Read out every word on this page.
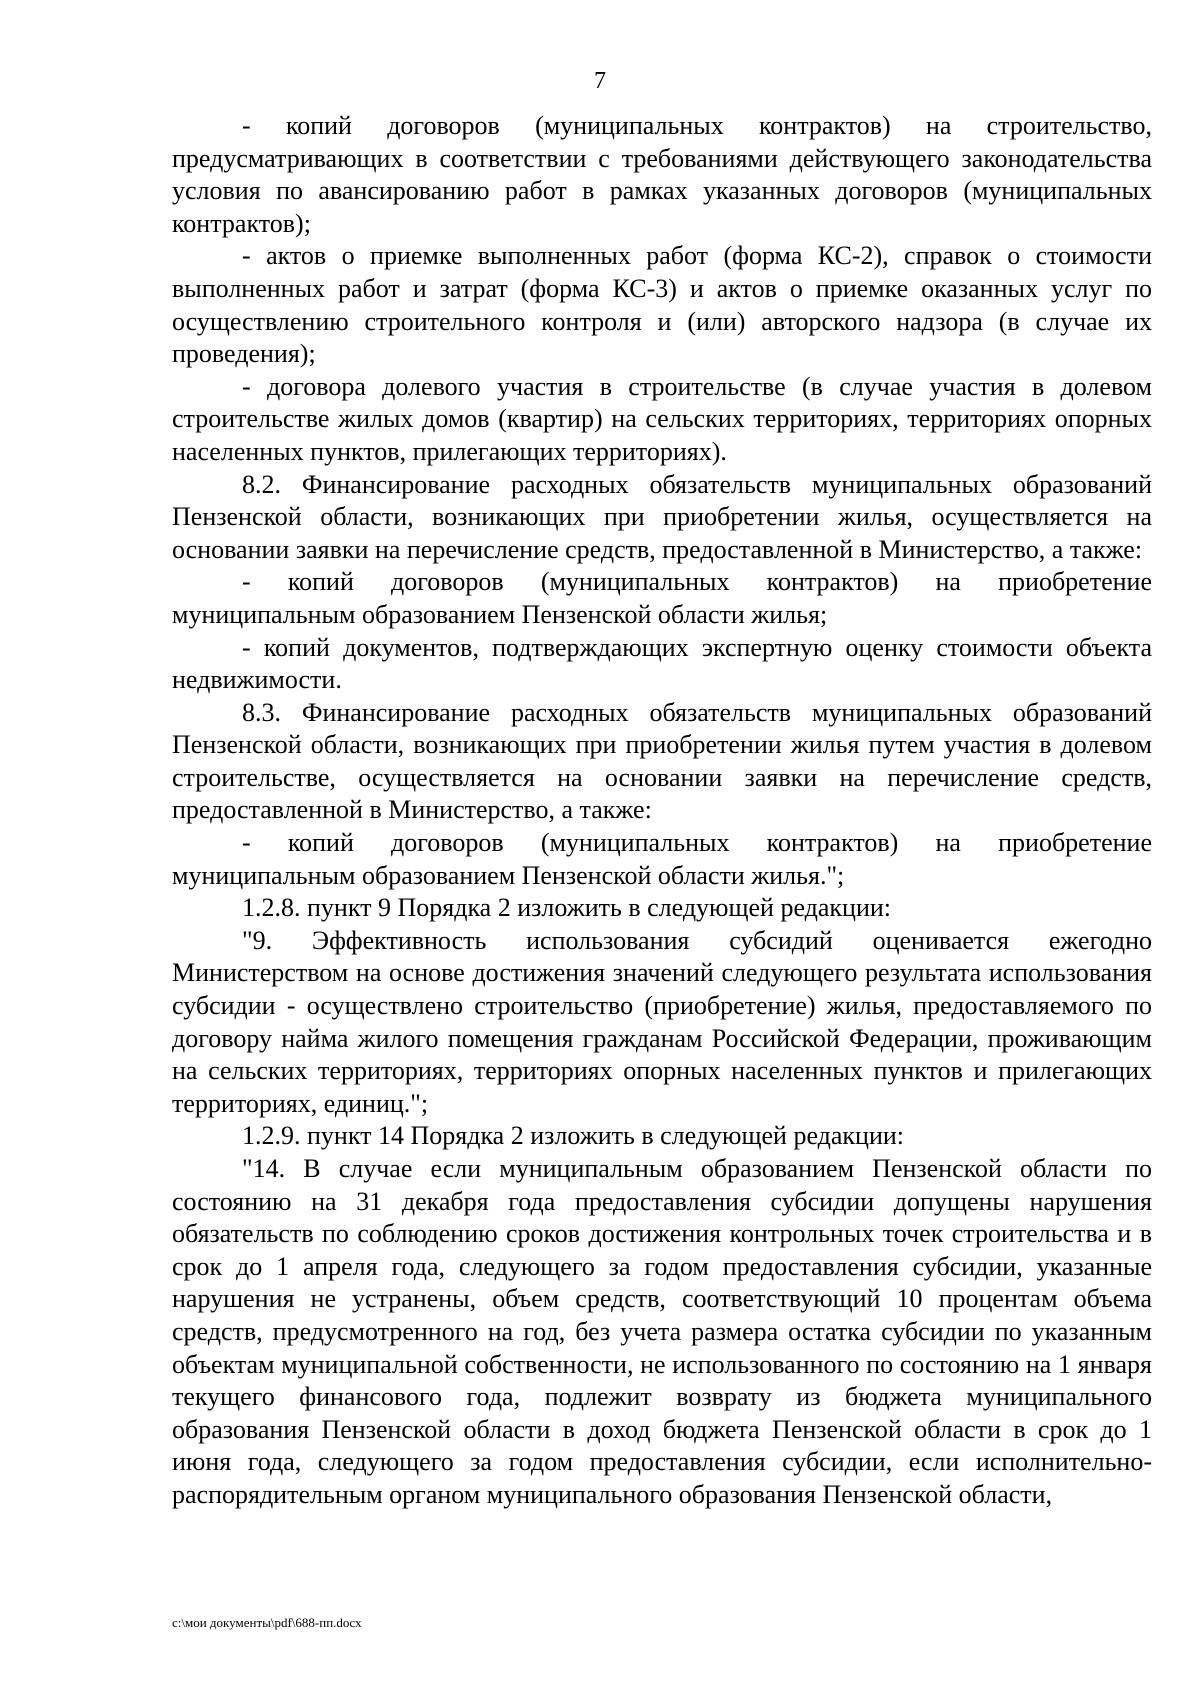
7

- копий договоров (муниципальных контрактов) на строительство, предусматривающих в соответствии с требованиями действующего законодательства условия по авансированию работ в рамках указанных договоров (муниципальных контрактов);

- актов о приемке выполненных работ (форма КС-2), справок о стоимости выполненных работ и затрат (форма КС-3) и актов о приемке оказанных услуг по осуществлению строительного контроля и (или) авторского надзора (в случае их проведения);

- договора долевого участия в строительстве (в случае участия в долевом строительстве жилых домов (квартир) на сельских территориях, территориях опорных населенных пунктов, прилегающих территориях).

8.2. Финансирование расходных обязательств муниципальных образований Пензенской области, возникающих при приобретении жилья, осуществляется на основании заявки на перечисление средств, предоставленной в Министерство, а также:

- копий договоров (муниципальных контрактов) на приобретение муниципальным образованием Пензенской области жилья;

- копий документов, подтверждающих экспертную оценку стоимости объекта недвижимости.

8.3. Финансирование расходных обязательств муниципальных образований Пензенской области, возникающих при приобретении жилья путем участия в долевом строительстве, осуществляется на основании заявки на перечисление средств, предоставленной в Министерство, а также:

- копий договоров (муниципальных контрактов) на приобретение муниципальным образованием Пензенской области жилья.";

1.2.8. пункт 9 Порядка 2 изложить в следующей редакции:

"9. Эффективность использования субсидий оценивается ежегодно Министерством на основе достижения значений следующего результата использования субсидии - осуществлено строительство (приобретение) жилья, предоставляемого по договору найма жилого помещения гражданам Российской Федерации, проживающим на сельских территориях, территориях опорных населенных пунктов и прилегающих территориях, единиц.";

1.2.9. пункт 14 Порядка 2 изложить в следующей редакции:

"14. В случае если муниципальным образованием Пензенской области по состоянию на 31 декабря года предоставления субсидии допущены нарушения обязательств по соблюдению сроков достижения контрольных точек строительства и в срок до 1 апреля года, следующего за годом предоставления субсидии, указанные нарушения не устранены, объем средств, соответствующий 10 процентам объема средств, предусмотренного на год, без учета размера остатка субсидии по указанным объектам муниципальной собственности, не использованного по состоянию на 1 января текущего финансового года, подлежит возврату из бюджета муниципального образования Пензенской области в доход бюджета Пензенской области в срок до 1 июня года, следующего за годом предоставления субсидии, если исполнительно-распорядительным органом муниципального образования Пензенской области,

c:\мои документы\pdf\688-пп.docx
